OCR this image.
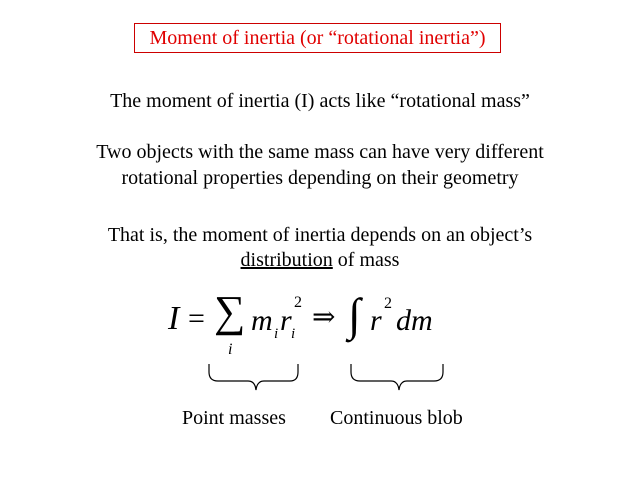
Moment of inertia (or “rotational inertia”)
The moment of inertia (I) acts like “rotational mass”
Two objects with the same mass can have very different
rotational properties depending on their geometry
That is, the moment of inertia depends on an object’s
distribution of mass
I = ∑
i
m i r i
2 ⇒ ∫ r
2
dm
Point masses Continuous blob
